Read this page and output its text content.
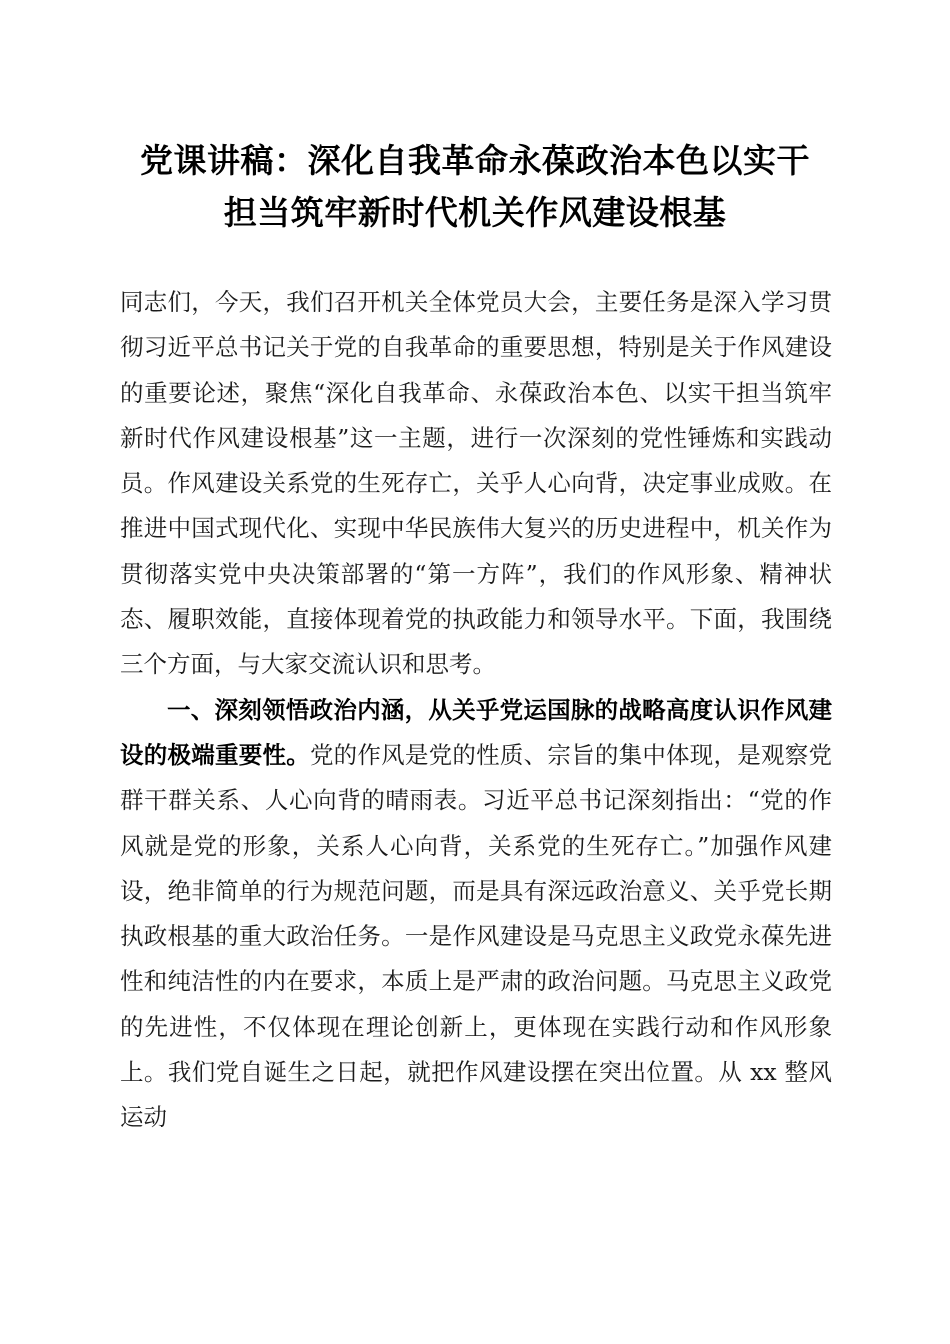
党课讲稿：深化自我革命永葆政治本色以实干
担当筑牢新时代机关作风建设根基

同志们，今天，我们召开机关全体党员大会，主要任务是深入学习贯彻习近平总书记关于党的自我革命的重要思想，特别是关于作风建设的重要论述，聚焦“深化自我革命、永葆政治本色、以实干担当筑牢新时代作风建设根基”这一主题，进行一次深刻的党性锤炼和实践动员。作风建设关系党的生死存亡，关乎人心向背，决定事业成败。在推进中国式现代化、实现中华民族伟大复兴的历史进程中，机关作为贯彻落实党中央决策部署的“第一方阵”，我们的作风形象、精神状态、履职效能，直接体现着党的执政能力和领导水平。下面，我围绕三个方面，与大家交流认识和思考。

一、深刻领悟政治内涵，从关乎党运国脉的战略高度认识作风建设的极端重要性。党的作风是党的性质、宗旨的集中体现，是观察党群干群关系、人心向背的晴雨表。习近平总书记深刻指出：“党的作风就是党的形象，关系人心向背，关系党的生死存亡。”加强作风建设，绝非简单的行为规范问题，而是具有深远政治意义、关乎党长期执政根基的重大政治任务。一是作风建设是马克思主义政党永葆先进性和纯洁性的内在要求，本质上是严肃的政治问题。马克思主义政党的先进性，不仅体现在理论创新上，更体现在实践行动和作风形象上。我们党自诞生之日起，就把作风建设摆在突出位置。从 xx 整风运动
